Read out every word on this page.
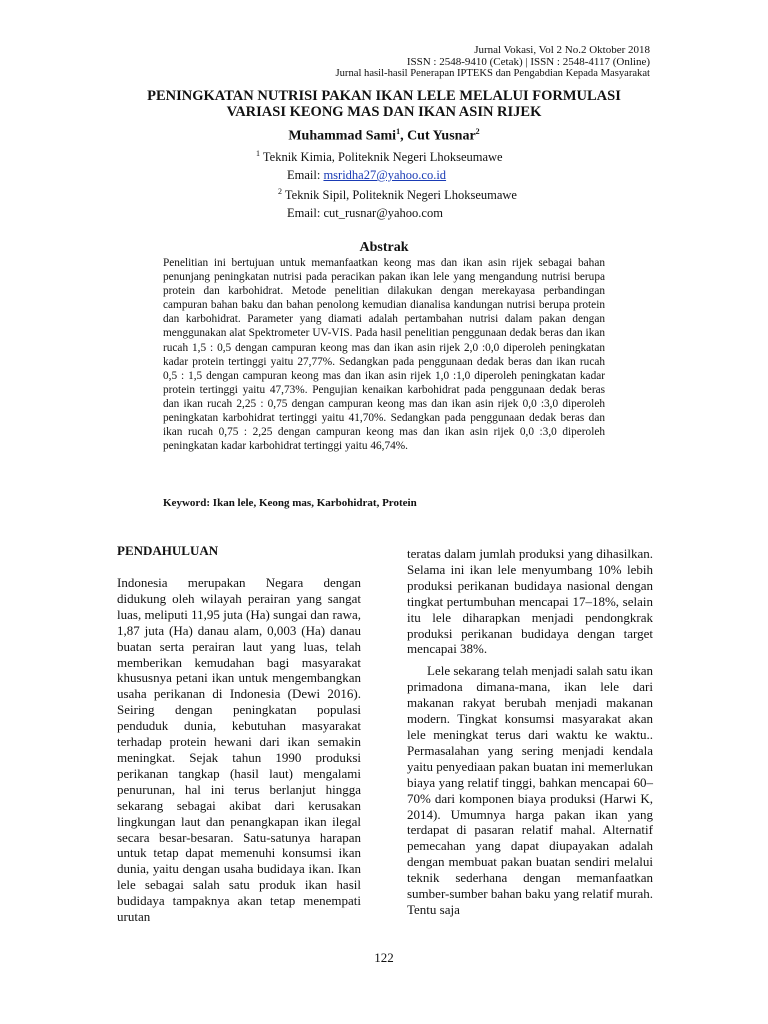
Jurnal Vokasi, Vol 2 No.2 Oktober 2018
ISSN : 2548-9410 (Cetak) | ISSN : 2548-4117 (Online)
Jurnal hasil-hasil Penerapan IPTEKS dan Pengabdian Kepada Masyarakat
PENINGKATAN NUTRISI PAKAN IKAN LELE MELALUI FORMULASI
VARIASI KEONG MAS DAN IKAN ASIN RIJEK
Muhammad Sami$^1$, Cut Yusnar$^2$
$^1$ Teknik Kimia, Politeknik Negeri Lhokseumawe
Email: msridha27@yahoo.co.id
$^2$ Teknik Sipil, Politeknik Negeri Lhokseumawe
Email: cut_rusnar@yahoo.com
Abstrak
Penelitian ini bertujuan untuk memanfaatkan keong mas dan ikan asin rijek sebagai bahan penunjang peningkatan nutrisi pada peracikan pakan ikan lele yang mengandung nutrisi berupa protein dan karbohidrat. Metode penelitian dilakukan dengan merekayasa perbandingan campuran bahan baku dan bahan penolong kemudian dianalisa kandungan nutrisi berupa protein dan karbohidrat. Parameter yang diamati adalah pertambahan nutrisi dalam pakan dengan menggunakan alat Spektrometer UV-VIS. Pada hasil penelitian penggunaan dedak beras dan ikan rucah 1,5 : 0,5 dengan campuran keong mas dan ikan asin rijek 2,0 :0,0 diperoleh peningkatan kadar protein tertinggi yaitu 27,77%. Sedangkan pada penggunaan dedak beras dan ikan rucah 0,5 : 1,5 dengan campuran keong mas dan ikan asin rijek 1,0 :1,0 diperoleh peningkatan kadar protein tertinggi yaitu 47,73%. Pengujian kenaikan karbohidrat pada penggunaan dedak beras dan ikan rucah 2,25 : 0,75 dengan campuran keong mas dan ikan asin rijek 0,0 :3,0 diperoleh peningkatan karbohidrat tertinggi yaitu 41,70%. Sedangkan pada penggunaan dedak beras dan ikan rucah 0,75 : 2,25 dengan campuran keong mas dan ikan asin rijek 0,0 :3,0 diperoleh peningkatan kadar karbohidrat tertinggi yaitu 46,74%.
Keyword: Ikan lele, Keong mas, Karbohidrat, Protein
PENDAHULUAN

Indonesia merupakan Negara dengan didukung oleh wilayah perairan yang sangat luas, meliputi 11,95 juta (Ha) sungai dan rawa, 1,87 juta (Ha) danau alam, 0,003 (Ha) danau buatan serta perairan laut yang luas, telah memberikan kemudahan bagi masyarakat khususnya petani ikan untuk mengembangkan usaha perikanan di Indonesia (Dewi 2016). Seiring dengan peningkatan populasi penduduk dunia, kebutuhan masyarakat terhadap protein hewani dari ikan semakin meningkat. Sejak tahun 1990 produksi perikanan tangkap (hasil laut) mengalami penurunan, hal ini terus berlanjut hingga sekarang sebagai akibat dari kerusakan lingkungan laut dan penangkapan ikan ilegal secara besar-besaran. Satu-satunya harapan untuk tetap dapat memenuhi konsumsi ikan dunia, yaitu dengan usaha budidaya ikan. Ikan lele sebagai salah satu produk ikan hasil budidaya tampaknya akan tetap menempati urutan

teratas dalam jumlah produksi yang dihasilkan. Selama ini ikan lele menyumbang 10% lebih produksi perikanan budidaya nasional dengan tingkat pertumbuhan mencapai 17–18%, selain itu lele diharapkan menjadi pendongkrak produksi perikanan budidaya dengan target mencapai 38%.

Lele sekarang telah menjadi salah satu ikan primadona dimana-mana, ikan lele dari makanan rakyat berubah menjadi makanan modern. Tingkat konsumsi masyarakat akan lele meningkat terus dari waktu ke waktu.. Permasalahan yang sering menjadi kendala yaitu penyediaan pakan buatan ini memerlukan biaya yang relatif tinggi, bahkan mencapai 60–70% dari komponen biaya produksi (Harwi K, 2014). Umumnya harga pakan ikan yang terdapat di pasaran relatif mahal. Alternatif pemecahan yang dapat diupayakan adalah dengan membuat pakan buatan sendiri melalui teknik sederhana dengan memanfaatkan sumber-sumber bahan baku yang relatif murah. Tentu saja

122
